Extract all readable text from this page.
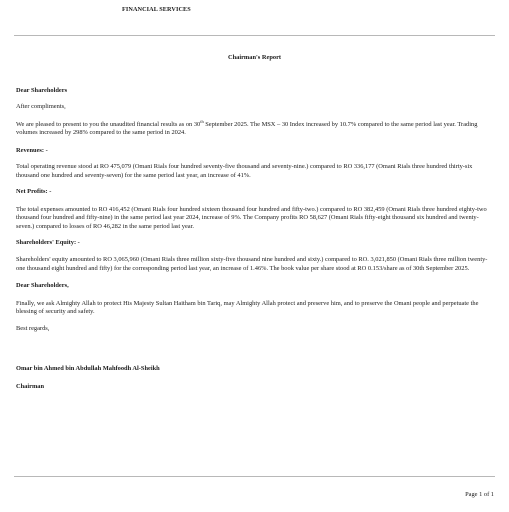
FINANCIAL SERVICES
Chairman's Report

Dear Shareholders

After compliments,

We are pleased to present to you the unaudited financial results as on 30th September 2025. The MSX – 30 Index increased by 10.7% compared to the same period last year. Trading volumes increased by 298% compared to the same period in 2024.

Revenues: -

Total operating revenue stood at RO 475,079 (Omani Rials four hundred seventy-five thousand and seventy-nine.) compared to RO 336,177 (Omani Rials three hundred thirty-six thousand one hundred and seventy-seven) for the same period last year, an increase of 41%.

Net Profits: -

The total expenses amounted to RO 416,452 (Omani Rials four hundred sixteen thousand four hundred and fifty-two.) compared to RO 382,459 (Omani Rials three hundred eighty-two thousand four hundred and fifty-nine) in the same period last year 2024, increase of 9%. The Company profits RO 58,627 (Omani Rials fifty-eight thousand six hundred and twenty-seven.) compared to losses of RO 46,282 in the same period last year.

Shareholders' Equity: -

Shareholders' equity amounted to RO 3,065,960 (Omani Rials three million sixty-five thousand nine hundred and sixty.) compared to RO. 3,021,850 (Omani Rials three million twenty-one thousand eight hundred and fifty) for the corresponding period last year, an increase of 1.46%. The book value per share stood at RO 0.153/share as of 30th September 2025.

Dear Shareholders,

Finally, we ask Almighty Allah to protect His Majesty Sultan Haitham bin Tariq, may Almighty Allah protect and preserve him, and to preserve the Omani people and perpetuate the blessing of security and safety.

Best regards,

Omar bin Ahmed bin Abdullah Mahfoodh Al-Sheikh

Chairman

Page 1 of 1
